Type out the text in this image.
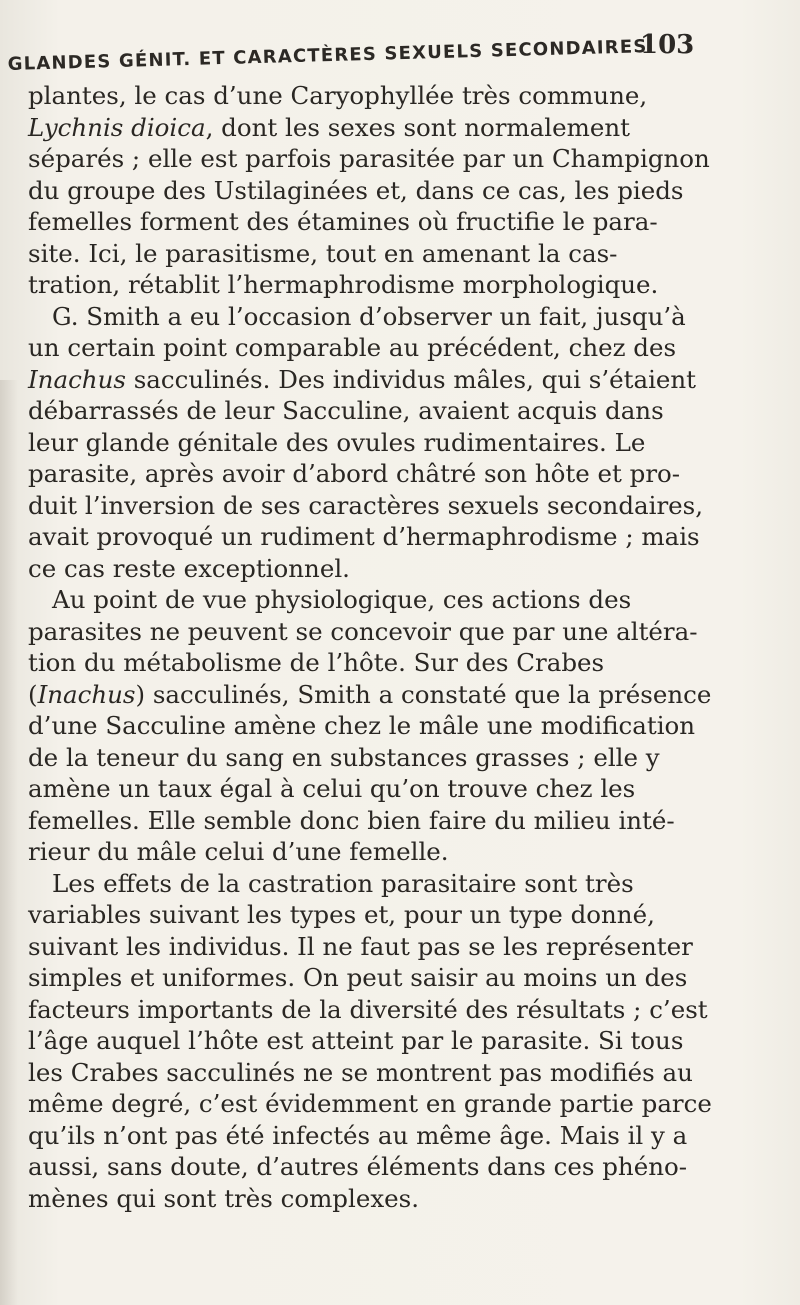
GLANDES GÉNIT. ET CARACTÈRES SEXUELS SECONDAIRES
103
plantes, le cas d’une Caryophyllée très commune,
Lychnis dioica, dont les sexes sont normalement
séparés ; elle est parfois parasitée par un Champignon
du groupe des Ustilaginées et, dans ce cas, les pieds
femelles forment des étamines où fructifie le para-
site. Ici, le parasitisme, tout en amenant la cas-
tration, rétablit l’hermaphrodisme morphologique.
G. Smith a eu l’occasion d’observer un fait, jusqu’à
un certain point comparable au précédent, chez des
Inachus sacculinés. Des individus mâles, qui s’étaient
débarrassés de leur Sacculine, avaient acquis dans
leur glande génitale des ovules rudimentaires. Le
parasite, après avoir d’abord châtré son hôte et pro-
duit l’inversion de ses caractères sexuels secondaires,
avait provoqué un rudiment d’hermaphrodisme ; mais
ce cas reste exceptionnel.
Au point de vue physiologique, ces actions des
parasites ne peuvent se concevoir que par une altéra-
tion du métabolisme de l’hôte. Sur des Crabes
(Inachus) sacculinés, Smith a constaté que la présence
d’une Sacculine amène chez le mâle une modification
de la teneur du sang en substances grasses ; elle y
amène un taux égal à celui qu’on trouve chez les
femelles. Elle semble donc bien faire du milieu inté-
rieur du mâle celui d’une femelle.
Les effets de la castration parasitaire sont très
variables suivant les types et, pour un type donné,
suivant les individus. Il ne faut pas se les représenter
simples et uniformes. On peut saisir au moins un des
facteurs importants de la diversité des résultats ; c’est
l’âge auquel l’hôte est atteint par le parasite. Si tous
les Crabes sacculinés ne se montrent pas modifiés au
même degré, c’est évidemment en grande partie parce
qu’ils n’ont pas été infectés au même âge. Mais il y a
aussi, sans doute, d’autres éléments dans ces phéno-
mènes qui sont très complexes.
